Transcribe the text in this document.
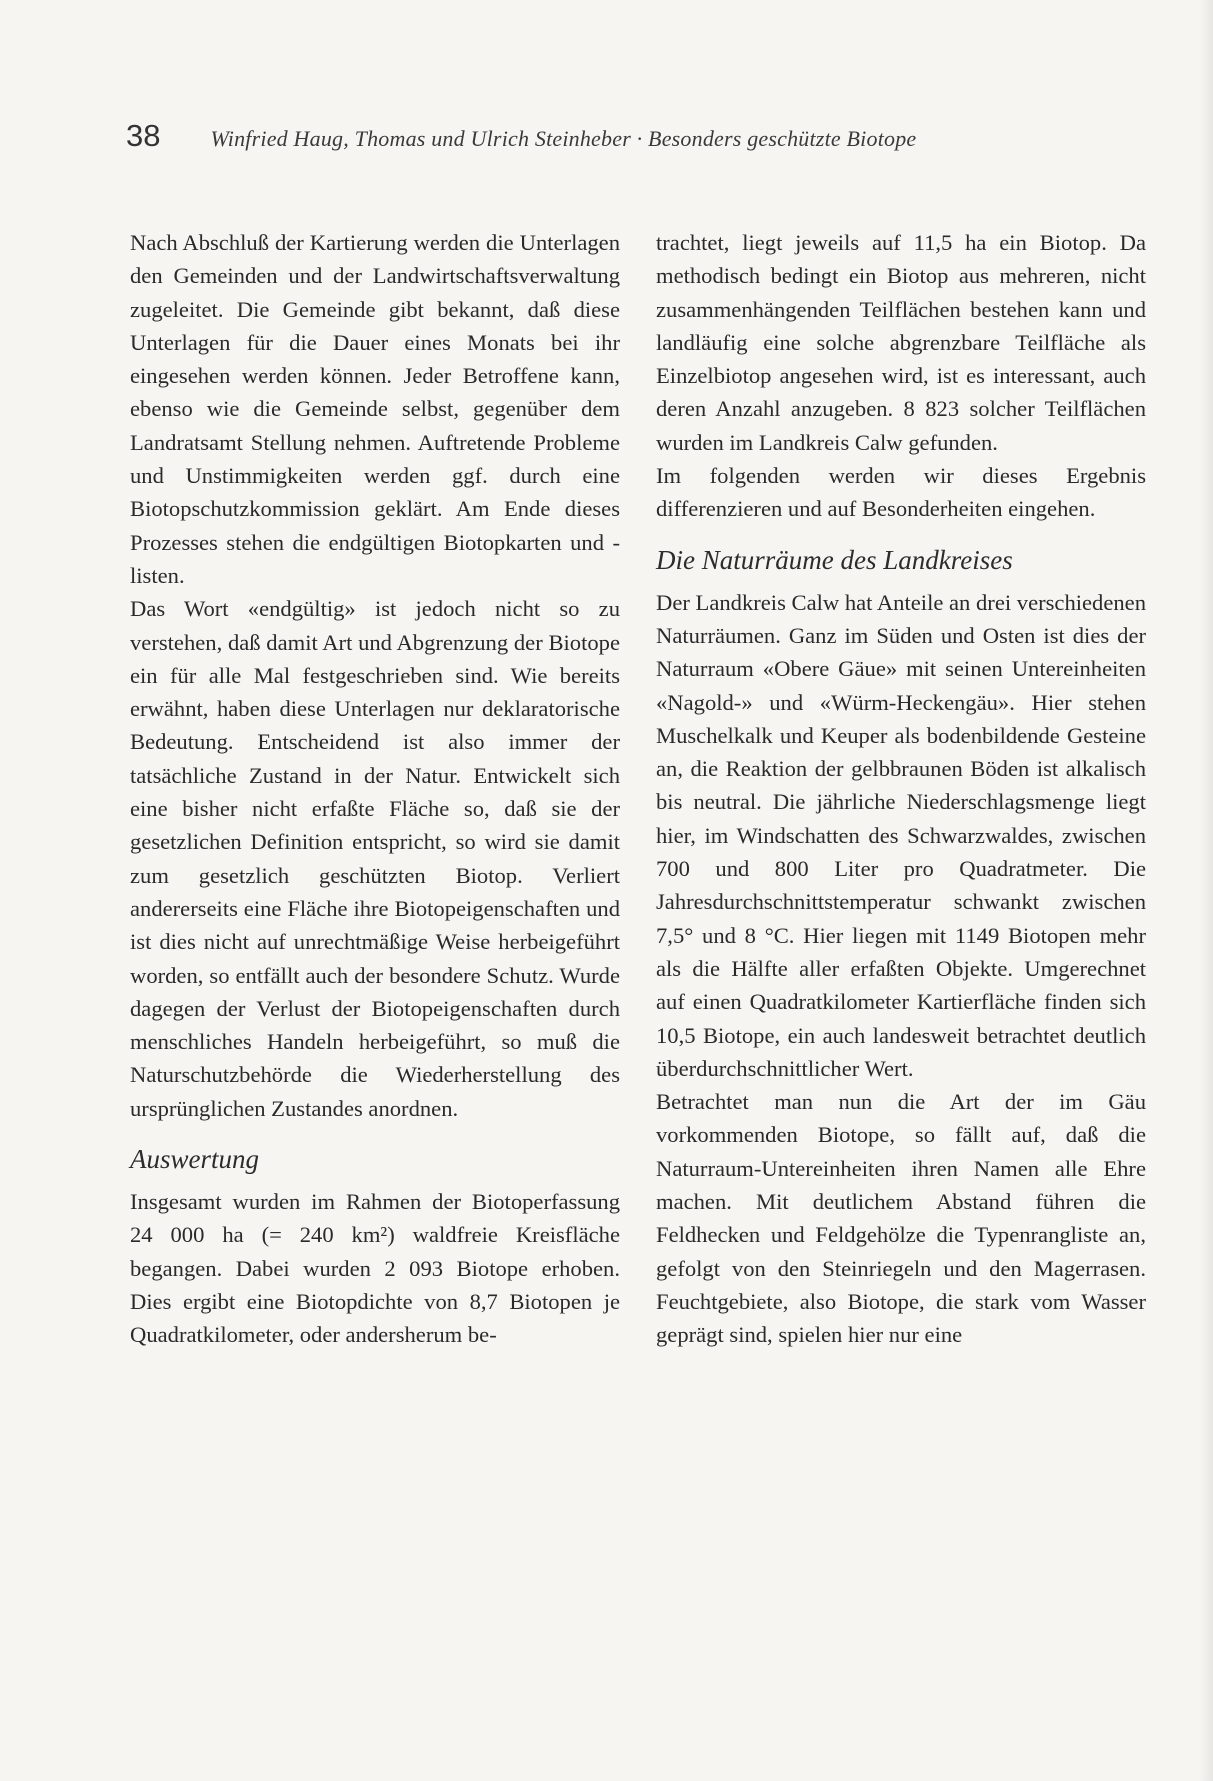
38 Winfried Haug, Thomas und Ulrich Steinheber · Besonders geschützte Biotope

Nach Abschluß der Kartierung werden die Unterlagen den Gemeinden und der Landwirtschaftsverwaltung zugeleitet. Die Gemeinde gibt bekannt, daß diese Unterlagen für die Dauer eines Monats bei ihr eingesehen werden können. Jeder Betroffene kann, ebenso wie die Gemeinde selbst, gegenüber dem Landratsamt Stellung nehmen. Auftretende Probleme und Unstimmigkeiten werden ggf. durch eine Biotopschutzkommission geklärt. Am Ende dieses Prozesses stehen die endgültigen Biotopkarten und -listen.

Das Wort «endgültig» ist jedoch nicht so zu verstehen, daß damit Art und Abgrenzung der Biotope ein für alle Mal festgeschrieben sind. Wie bereits erwähnt, haben diese Unterlagen nur deklaratorische Bedeutung. Entscheidend ist also immer der tatsächliche Zustand in der Natur. Entwickelt sich eine bisher nicht erfaßte Fläche so, daß sie der gesetzlichen Definition entspricht, so wird sie damit zum gesetzlich geschützten Biotop. Verliert andererseits eine Fläche ihre Biotopeigenschaften und ist dies nicht auf unrechtmäßige Weise herbeigeführt worden, so entfällt auch der besondere Schutz. Wurde dagegen der Verlust der Biotopeigenschaften durch menschliches Handeln herbeigeführt, so muß die Naturschutzbehörde die Wiederherstellung des ursprünglichen Zustandes anordnen.

Auswertung

Insgesamt wurden im Rahmen der Biotoperfassung 24 000 ha (= 240 km²) waldfreie Kreisfläche begangen. Dabei wurden 2 093 Biotope erhoben. Dies ergibt eine Biotopdichte von 8,7 Biotopen je Quadratkilometer, oder andersherum be-

trachtet, liegt jeweils auf 11,5 ha ein Biotop. Da methodisch bedingt ein Biotop aus mehreren, nicht zusammenhängenden Teilflächen bestehen kann und landläufig eine solche abgrenzbare Teilfläche als Einzelbiotop angesehen wird, ist es interessant, auch deren Anzahl anzugeben. 8 823 solcher Teilflächen wurden im Landkreis Calw gefunden.

Im folgenden werden wir dieses Ergebnis differenzieren und auf Besonderheiten eingehen.

Die Naturräume des Landkreises

Der Landkreis Calw hat Anteile an drei verschiedenen Naturräumen. Ganz im Süden und Osten ist dies der Naturraum «Obere Gäue» mit seinen Untereinheiten «Nagold-» und «Würm-Heckengäu». Hier stehen Muschelkalk und Keuper als bodenbildende Gesteine an, die Reaktion der gelbbraunen Böden ist alkalisch bis neutral. Die jährliche Niederschlagsmenge liegt hier, im Windschatten des Schwarzwaldes, zwischen 700 und 800 Liter pro Quadratmeter. Die Jahresdurchschnittstemperatur schwankt zwischen 7,5° und 8 °C. Hier liegen mit 1149 Biotopen mehr als die Hälfte aller erfaßten Objekte. Umgerechnet auf einen Quadratkilometer Kartierfläche finden sich 10,5 Biotope, ein auch landesweit betrachtet deutlich überdurchschnittlicher Wert.

Betrachtet man nun die Art der im Gäu vorkommenden Biotope, so fällt auf, daß die Naturraum-Untereinheiten ihren Namen alle Ehre machen. Mit deutlichem Abstand führen die Feldhecken und Feldgehölze die Typenrangliste an, gefolgt von den Steinriegeln und den Magerrasen. Feuchtgebiete, also Biotope, die stark vom Wasser geprägt sind, spielen hier nur eine
